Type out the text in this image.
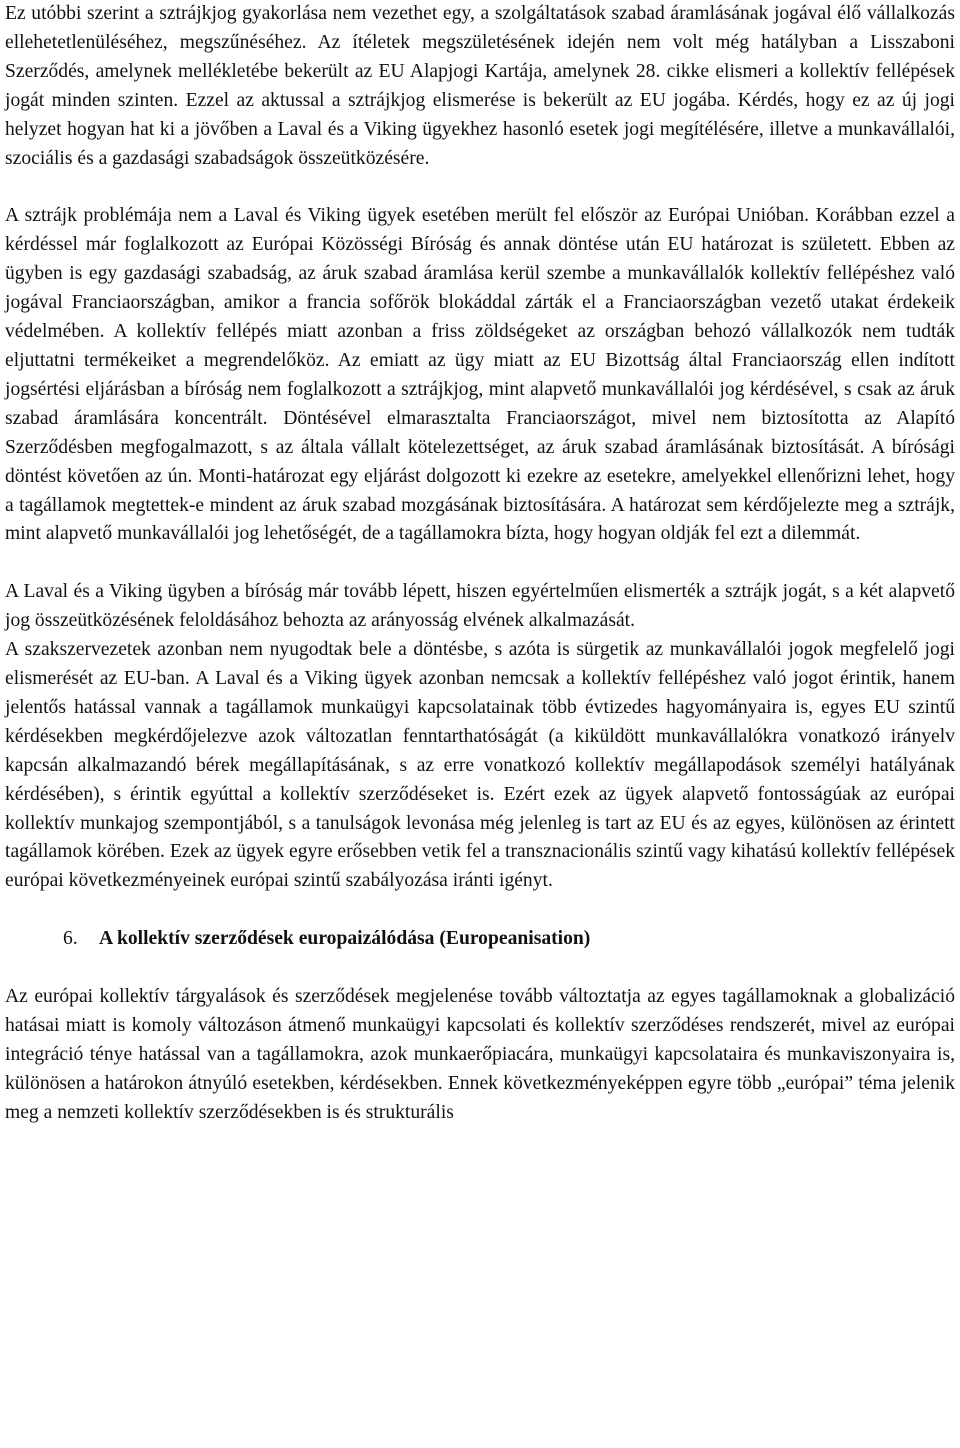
Ez utóbbi szerint a sztrájkjog gyakorlása nem vezethet egy, a szolgáltatások szabad áramlásának jogával élő vállalkozás ellehetetlenüléséhez, megszűnéséhez. Az ítéletek megszületésének idején nem volt még hatályban a Lisszaboni Szerződés, amelynek mellékletébe bekerült az EU Alapjogi Kartája, amelynek 28. cikke elismeri a kollektív fellépések jogát minden szinten. Ezzel az aktussal a sztrájkjog elismerése is bekerült az EU jogába. Kérdés, hogy ez az új jogi helyzet hogyan hat ki a jövőben a Laval és a Viking ügyekhez hasonló esetek jogi megítélésére, illetve a munkavállalói, szociális és a gazdasági szabadságok összeütközésére.

A sztrájk problémája nem a Laval és Viking ügyek esetében merült fel először az Európai Unióban. Korábban ezzel a kérdéssel már foglalkozott az Európai Közösségi Bíróság és annak döntése után EU határozat is született. Ebben az ügyben is egy gazdasági szabadság, az áruk szabad áramlása kerül szembe a munkavállalók kollektív fellépéshez való jogával Franciaországban, amikor a francia sofőrök blokáddal zárták el a Franciaországban vezető utakat érdekeik védelmében. A kollektív fellépés miatt azonban a friss zöldségeket az országban behozó vállalkozók nem tudták eljuttatni termékeiket a megrendelőköz. Az emiatt az ügy miatt az EU Bizottság által Franciaország ellen indított jogsértési eljárásban a bíróság nem foglalkozott a sztrájkjog, mint alapvető munkavállalói jog kérdésével, s csak az áruk szabad áramlására koncentrált. Döntésével elmarasztalta Franciaországot, mivel nem biztosította az Alapító Szerződésben megfogalmazott, s az általa vállalt kötelezettséget, az áruk szabad áramlásának biztosítását. A bírósági döntést követően az ún. Monti-határozat egy eljárást dolgozott ki ezekre az esetekre, amelyekkel ellenőrizni lehet, hogy a tagállamok megtettek-e mindent az áruk szabad mozgásának biztosítására. A határozat sem kérdőjelezte meg a sztrájk, mint alapvető munkavállalói jog lehetőségét, de a tagállamokra bízta, hogy hogyan oldják fel ezt a dilemmát.

A Laval és a Viking ügyben a bíróság már tovább lépett, hiszen egyértelműen elismerték a sztrájk jogát, s a két alapvető jog összeütközésének feloldásához behozta az arányosság elvének alkalmazását.

A szakszervezetek azonban nem nyugodtak bele a döntésbe, s azóta is sürgetik az munkavállalói jogok megfelelő jogi elismerését az EU-ban. A Laval és a Viking ügyek azonban nemcsak a kollektív fellépéshez való jogot érintik, hanem jelentős hatással vannak a tagállamok munkaügyi kapcsolatainak több évtizedes hagyományaira is, egyes EU szintű kérdésekben megkérdőjelezve azok változatlan fenntarthatóságát (a kiküldött munkavállalókra vonatkozó irányelv kapcsán alkalmazandó bérek megállapításának, s az erre vonatkozó kollektív megállapodások személyi hatályának kérdésében), s érintik egyúttal a kollektív szerződéseket is. Ezért ezek az ügyek alapvető fontosságúak az európai kollektív munkajog szempontjából, s a tanulságok levonása még jelenleg is tart az EU és az egyes, különösen az érintett tagállamok körében. Ezek az ügyek egyre erősebben vetik fel a transznacionális szintű vagy kihatású kollektív fellépések európai következményeinek európai szintű szabályozása iránti igényt.

6. A kollektív szerződések europaizálódása (Europeanisation)

Az európai kollektív tárgyalások és szerződések megjelenése tovább változtatja az egyes tagállamoknak a globalizáció hatásai miatt is komoly változáson átmenő munkaügyi kapcsolati és kollektív szerződéses rendszerét, mivel az európai integráció ténye hatással van a tagállamokra, azok munkaerőpiacára, munkaügyi kapcsolataira és munkaviszonyaira is, különösen a határokon átnyúló esetekben, kérdésekben. Ennek következményeképpen egyre több „európai” téma jelenik meg a nemzeti kollektív szerződésekben is és strukturális
